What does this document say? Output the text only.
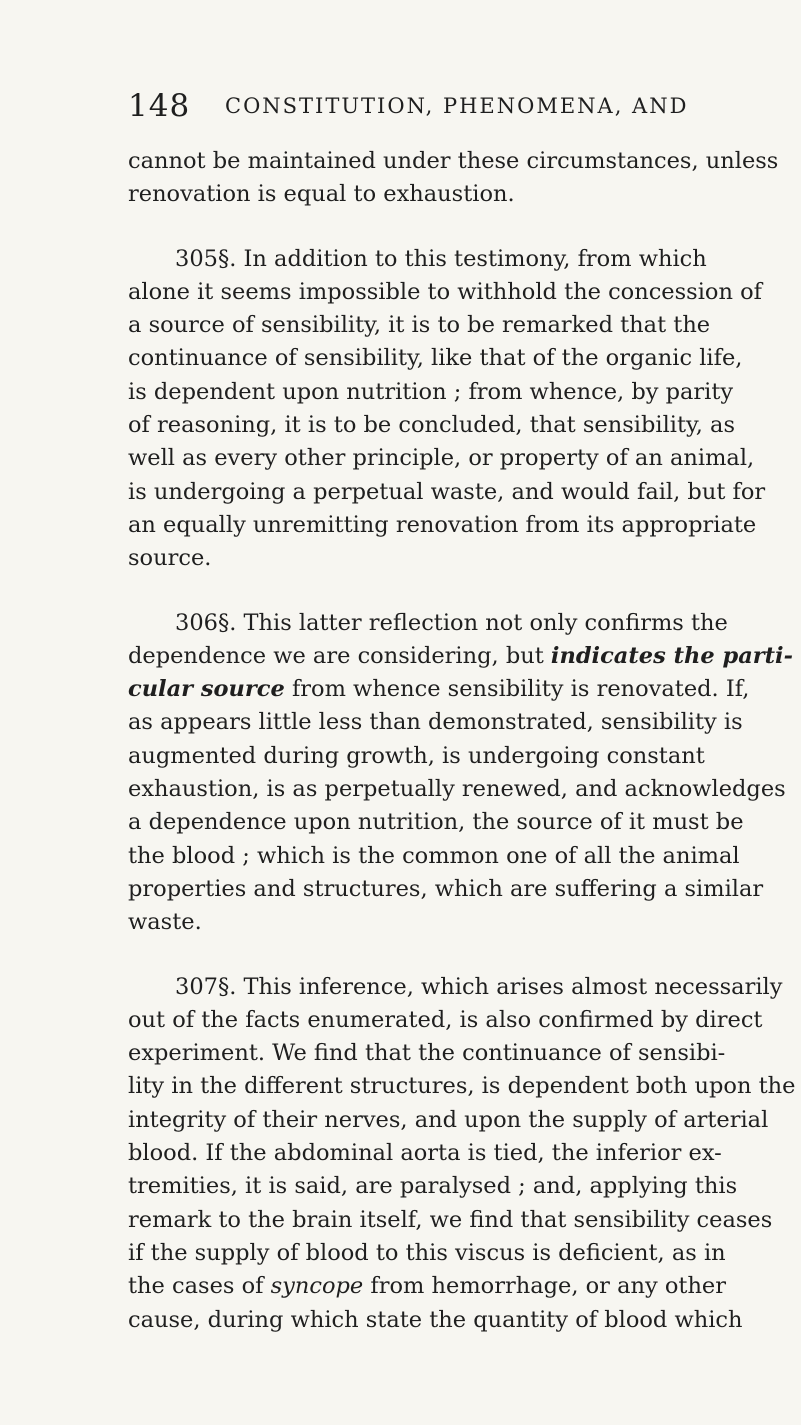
148 CONSTITUTION, PHENOMENA, AND
cannot be maintained under these circumstances, unless
renovation is equal to exhaustion.
305§. In addition to this testimony, from which
alone it seems impossible to withhold the concession of
a source of sensibility, it is to be remarked that the
continuance of sensibility, like that of the organic life,
is dependent upon nutrition ; from whence, by parity
of reasoning, it is to be concluded, that sensibility, as
well as every other principle, or property of an animal,
is undergoing a perpetual waste, and would fail, but for
an equally unremitting renovation from its appropriate
source.
306§. This latter reflection not only confirms the
dependence we are considering, but indicates the parti-
cular source from whence sensibility is renovated. If,
as appears little less than demonstrated, sensibility is
augmented during growth, is undergoing constant
exhaustion, is as perpetually renewed, and acknowledges
a dependence upon nutrition, the source of it must be
the blood ; which is the common one of all the animal
properties and structures, which are suffering a similar
waste.
307§. This inference, which arises almost necessarily
out of the facts enumerated, is also confirmed by direct
experiment. We find that the continuance of sensibi-
lity in the different structures, is dependent both upon the
integrity of their nerves, and upon the supply of arterial
blood. If the abdominal aorta is tied, the inferior ex-
tremities, it is said, are paralysed ; and, applying this
remark to the brain itself, we find that sensibility ceases
if the supply of blood to this viscus is deficient, as in
the cases of syncope from hemorrhage, or any other
cause, during which state the quantity of blood which
